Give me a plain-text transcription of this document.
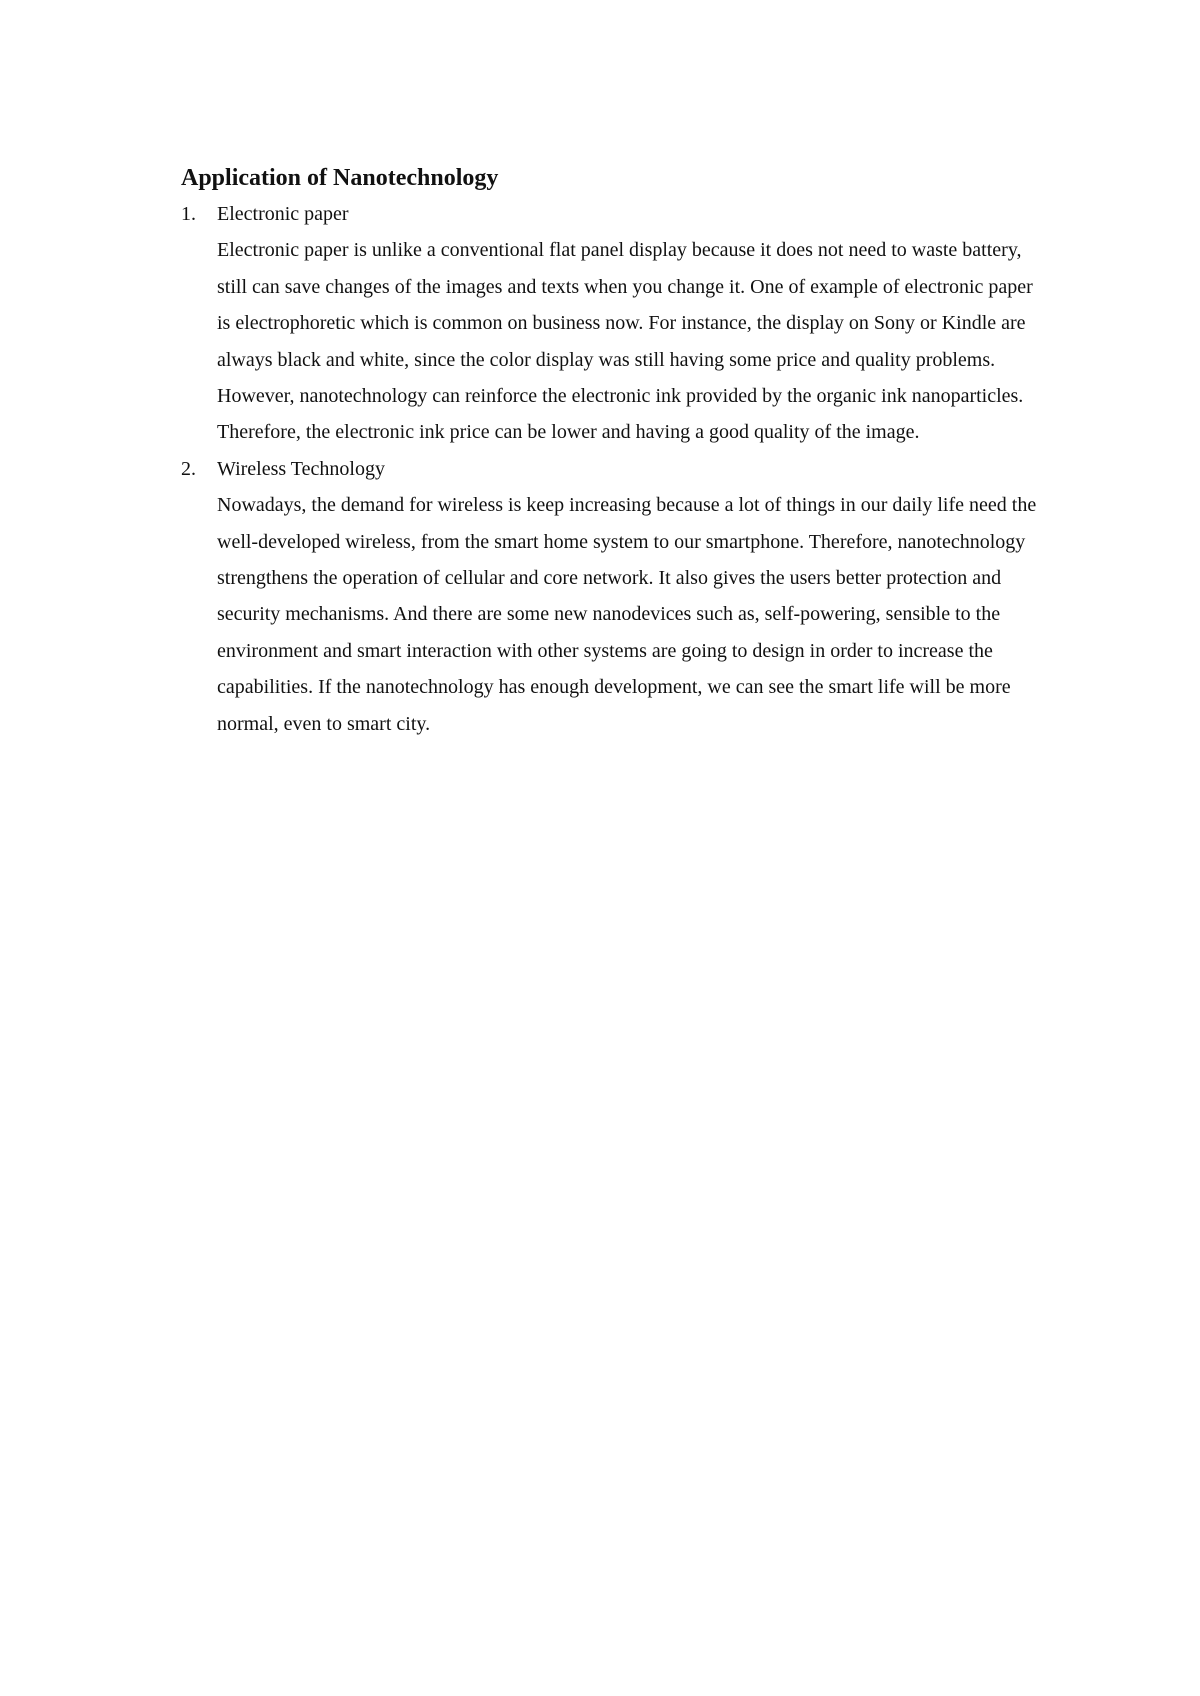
Application of Nanotechnology
1. Electronic paper

Electronic paper is unlike a conventional flat panel display because it does not need to waste battery, still can save changes of the images and texts when you change it. One of example of electronic paper is electrophoretic which is common on business now. For instance, the display on Sony or Kindle are always black and white, since the color display was still having some price and quality problems. However, nanotechnology can reinforce the electronic ink provided by the organic ink nanoparticles. Therefore, the electronic ink price can be lower and having a good quality of the image.

2. Wireless Technology

Nowadays, the demand for wireless is keep increasing because a lot of things in our daily life need the well-developed wireless, from the smart home system to our smartphone. Therefore, nanotechnology strengthens the operation of cellular and core network. It also gives the users better protection and security mechanisms. And there are some new nanodevices such as, self-powering, sensible to the environment and smart interaction with other systems are going to design in order to increase the capabilities. If the nanotechnology has enough development, we can see the smart life will be more normal, even to smart city.
